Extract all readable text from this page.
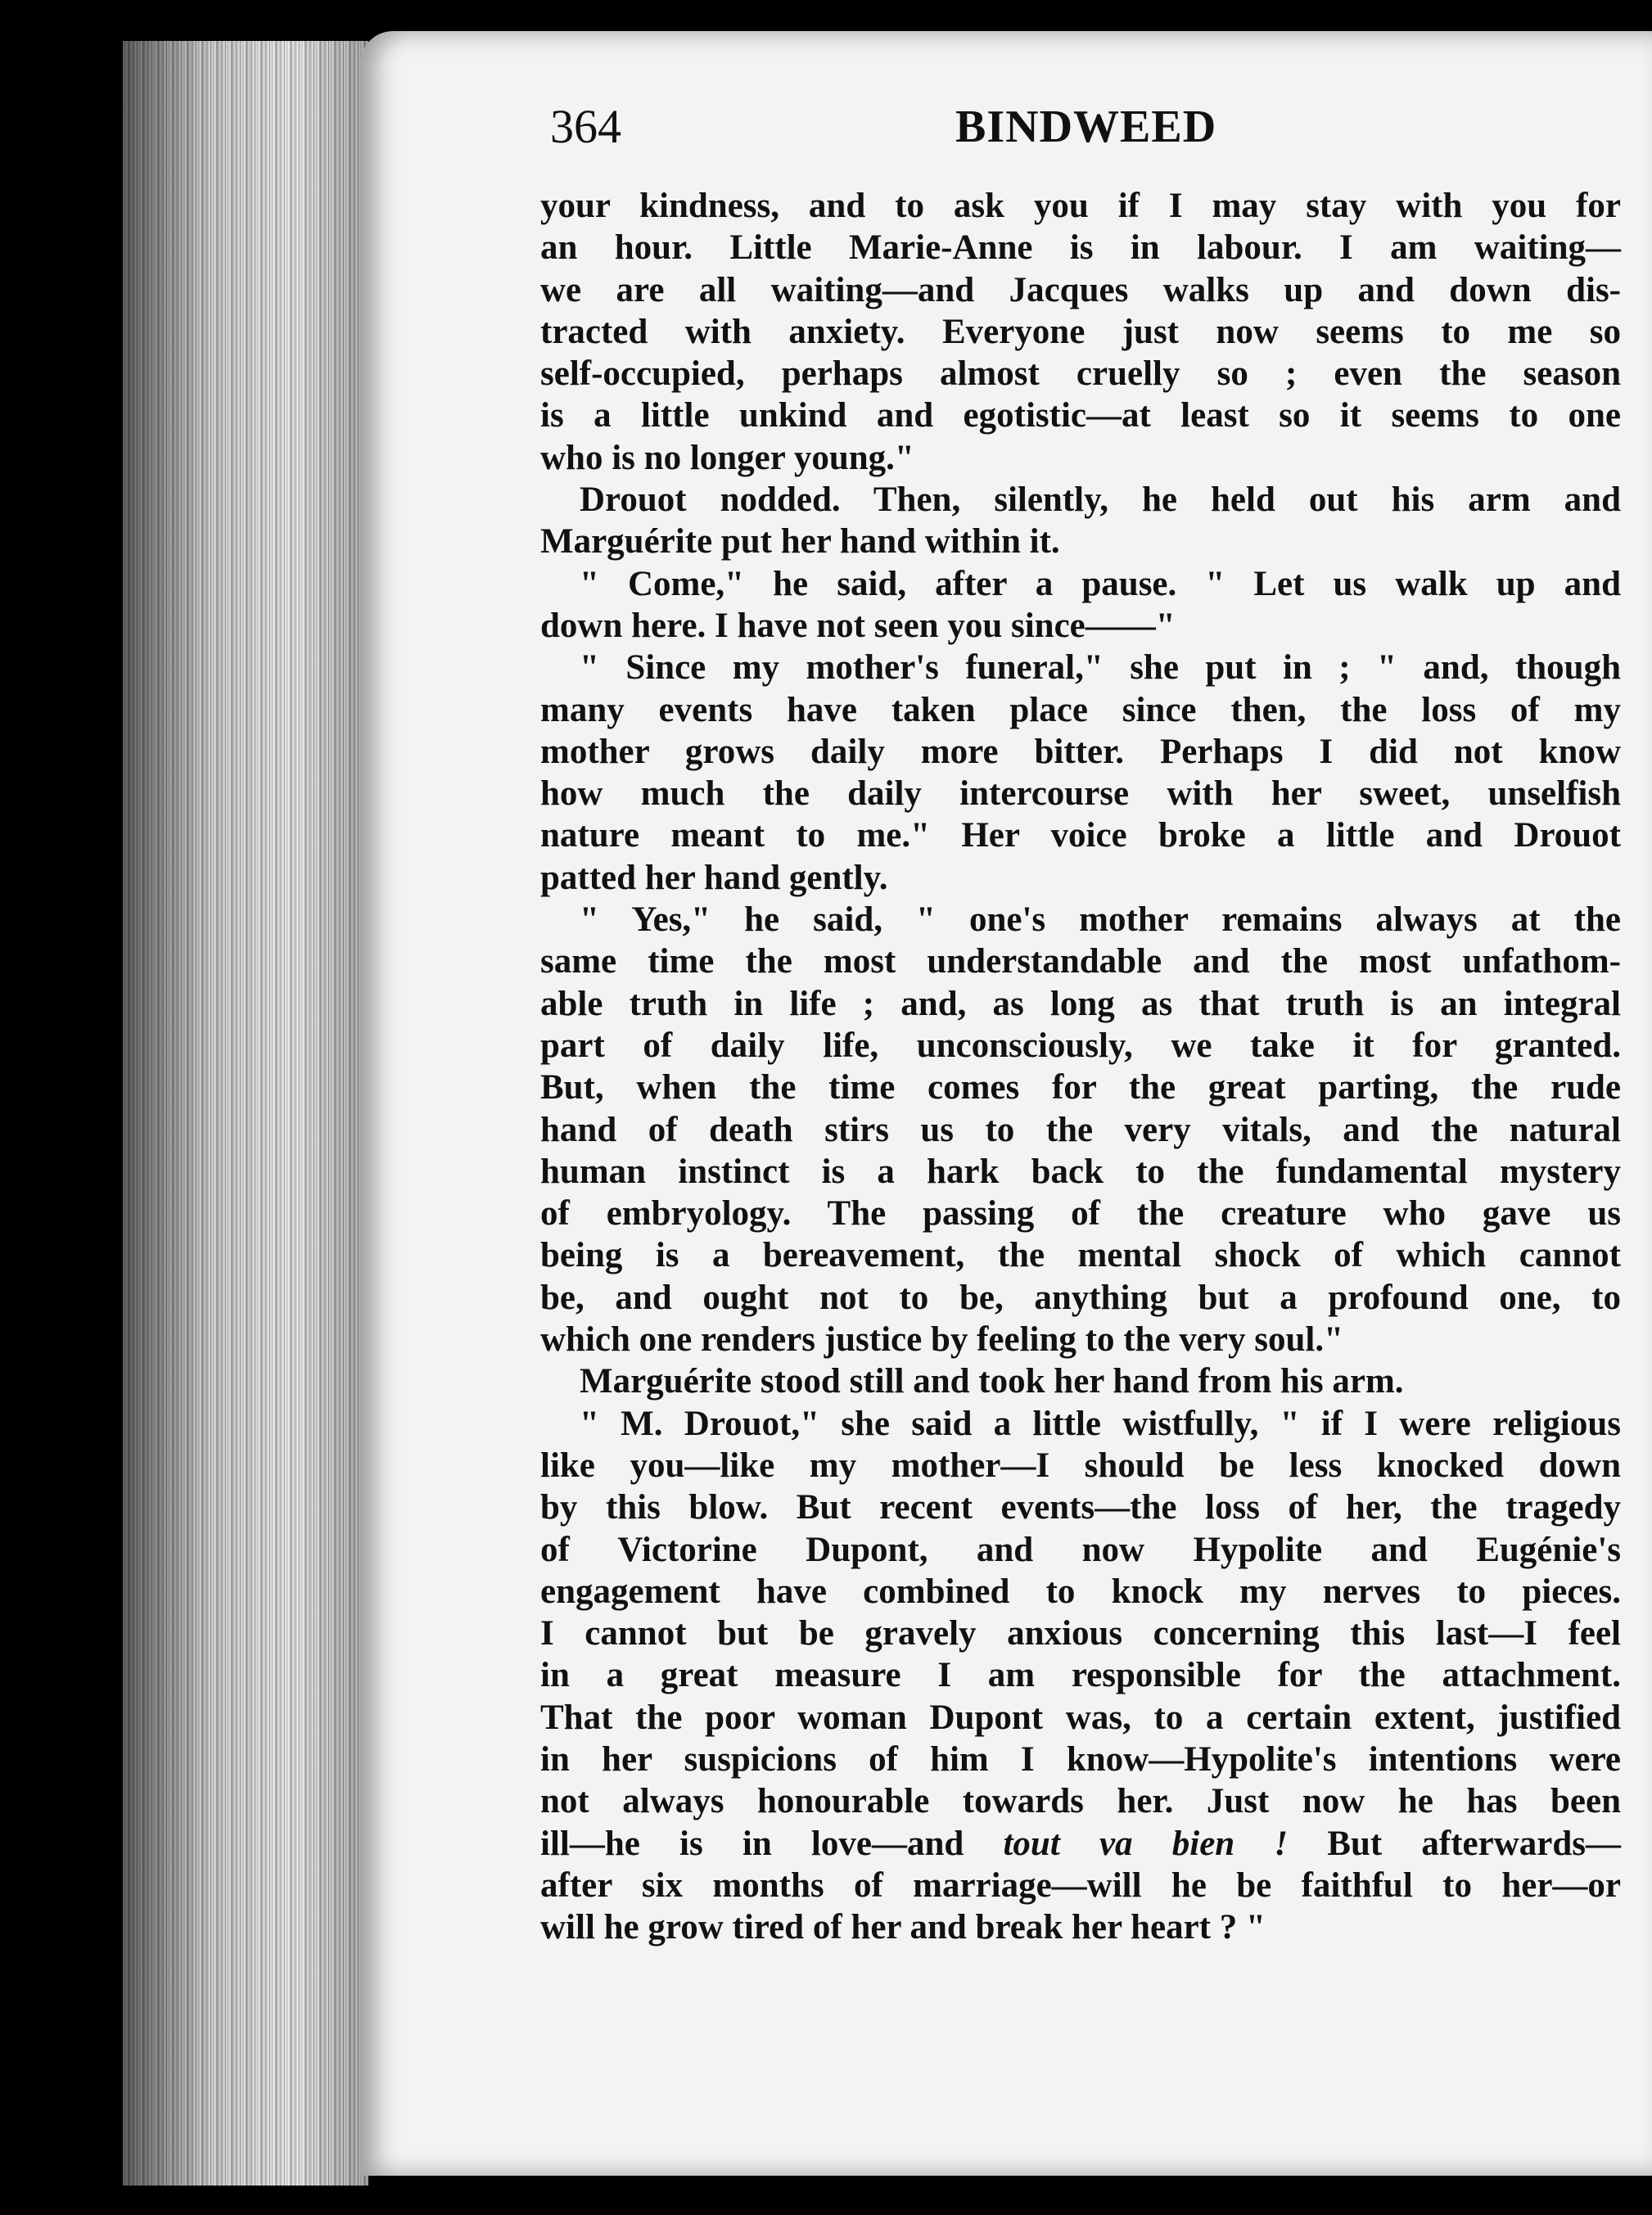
364	BINDWEED
your kindness, and to ask you if I may stay with you for
an hour. Little Marie-Anne is in labour. I am waiting—
we are all waiting—and Jacques walks up and down dis-
tracted with anxiety. Everyone just now seems to me so
self-occupied, perhaps almost cruelly so ; even the season
is a little unkind and egotistic—at least so it seems to one
who is no longer young."
Drouot nodded. Then, silently, he held out his arm and
Marguérite put her hand within it.
" Come," he said, after a pause. " Let us walk up and
down here. I have not seen you since——"
" Since my mother's funeral," she put in ; " and, though
many events have taken place since then, the loss of my
mother grows daily more bitter. Perhaps I did not know
how much the daily intercourse with her sweet, unselfish
nature meant to me." Her voice broke a little and Drouot
patted her hand gently.
" Yes," he said, " one's mother remains always at the
same time the most understandable and the most unfathom-
able truth in life ; and, as long as that truth is an integral
part of daily life, unconsciously, we take it for granted.
But, when the time comes for the great parting, the rude
hand of death stirs us to the very vitals, and the natural
human instinct is a hark back to the fundamental mystery
of embryology. The passing of the creature who gave us
being is a bereavement, the mental shock of which cannot
be, and ought not to be, anything but a profound one, to
which one renders justice by feeling to the very soul."
Marguérite stood still and took her hand from his arm.
" M. Drouot," she said a little wistfully, " if I were religious
like you—like my mother—I should be less knocked down
by this blow. But recent events—the loss of her, the tragedy
of Victorine Dupont, and now Hypolite and Eugénie's
engagement have combined to knock my nerves to pieces.
I cannot but be gravely anxious concerning this last—I feel
in a great measure I am responsible for the attachment.
That the poor woman Dupont was, to a certain extent, justified
in her suspicions of him I know—Hypolite's intentions were
not always honourable towards her. Just now he has been
ill—he is in love—and tout va bien ! But afterwards—
after six months of marriage—will he be faithful to her—or
will he grow tired of her and break her heart ? "
